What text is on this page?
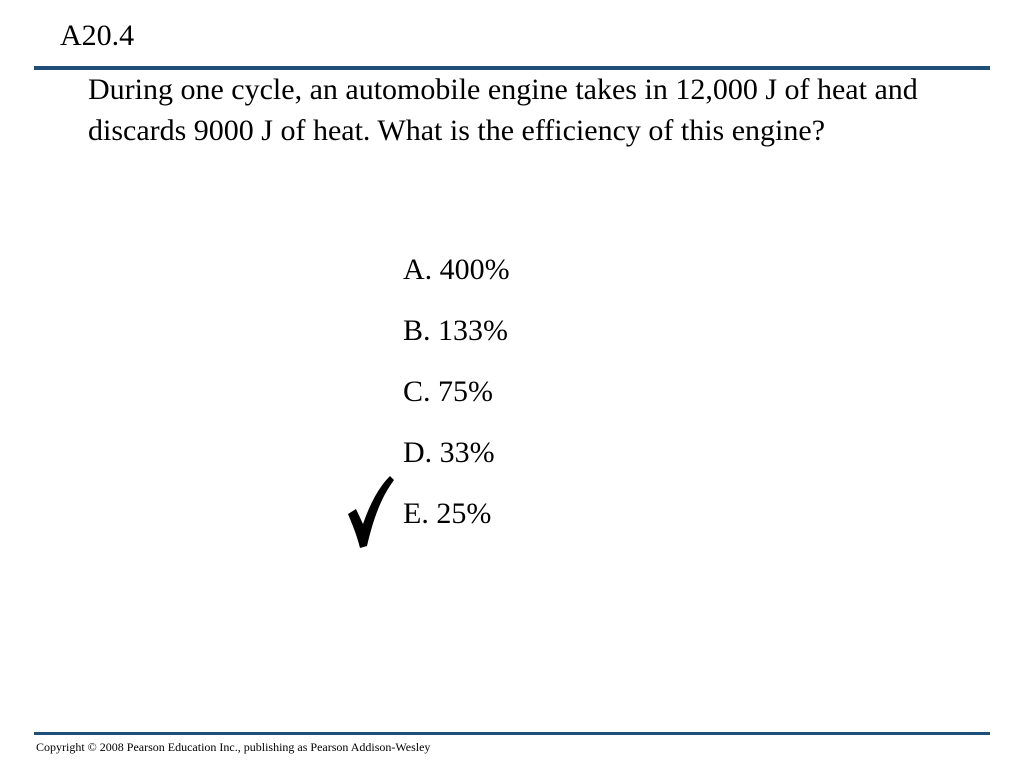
A20.4

During one cycle, an automobile engine takes in 12,000 J of heat and discards 9000 J of heat. What is the efficiency of this engine?

A. 400%
B. 133%
C. 75%
D. 33%
E. 25%
Copyright © 2008 Pearson Education Inc., publishing as Pearson Addison-Wesley
